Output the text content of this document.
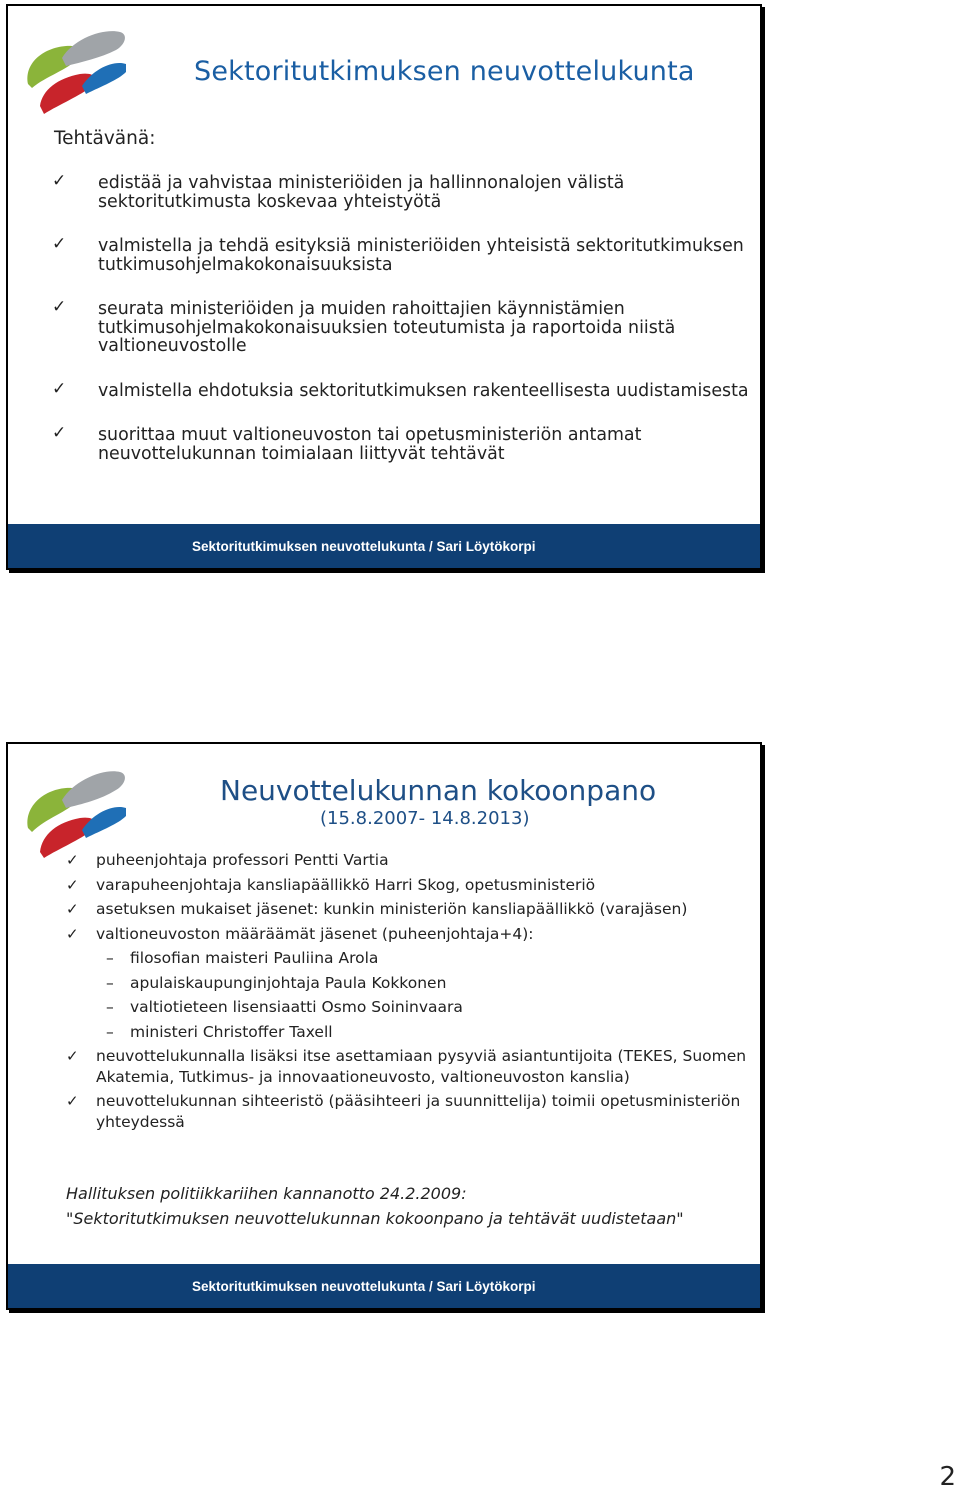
Sektoritutkimuksen neuvottelukunta
Tehtävänä:
✓ edistää ja vahvistaa ministeriöiden ja hallinnonalojen välistä sektoritutkimusta koskevaa yhteistyötä
✓ valmistella ja tehdä esityksiä ministeriöiden yhteisistä sektoritutkimuksen tutkimusohjelmakokonaisuuksista
✓ seurata ministeriöiden ja muiden rahoittajien käynnistämien tutkimusohjelmakokonaisuuksien toteutumista ja raportoida niistä valtioneuvostolle
✓ valmistella ehdotuksia sektoritutkimuksen rakenteellisesta uudistamisesta
✓ suorittaa muut valtioneuvoston tai opetusministeriön antamat neuvottelukunnan toimialaan liittyvät tehtävät
Sektoritutkimuksen neuvottelukunta / Sari Löytökorpi
Neuvottelukunnan kokoonpano
(15.8.2007- 14.8.2013)
✓ puheenjohtaja professori Pentti Vartia
✓ varapuheenjohtaja kansliapäällikkö Harri Skog, opetusministeriö
✓ asetuksen mukaiset jäsenet: kunkin ministeriön kansliapäällikkö (varajäsen)
✓ valtioneuvoston määräämät jäsenet (puheenjohtaja+4):
– filosofian maisteri Pauliina Arola
– apulaiskaupunginjohtaja Paula Kokkonen
– valtiotieteen lisensiaatti Osmo Soininvaara
– ministeri Christoffer Taxell
✓ neuvottelukunnalla lisäksi itse asettamiaan pysyviä asiantuntijoita (TEKES, Suomen Akatemia, Tutkimus- ja innovaationeuvosto, valtioneuvoston kanslia)
✓ neuvottelukunnan sihteeristö (pääsihteeri ja suunnittelija) toimii opetusministeriön yhteydessä
Hallituksen politiikkariihen kannanotto 24.2.2009:
"Sektoritutkimuksen neuvottelukunnan kokoonpano ja tehtävät uudistetaan"
Sektoritutkimuksen neuvottelukunta / Sari Löytökorpi
2
